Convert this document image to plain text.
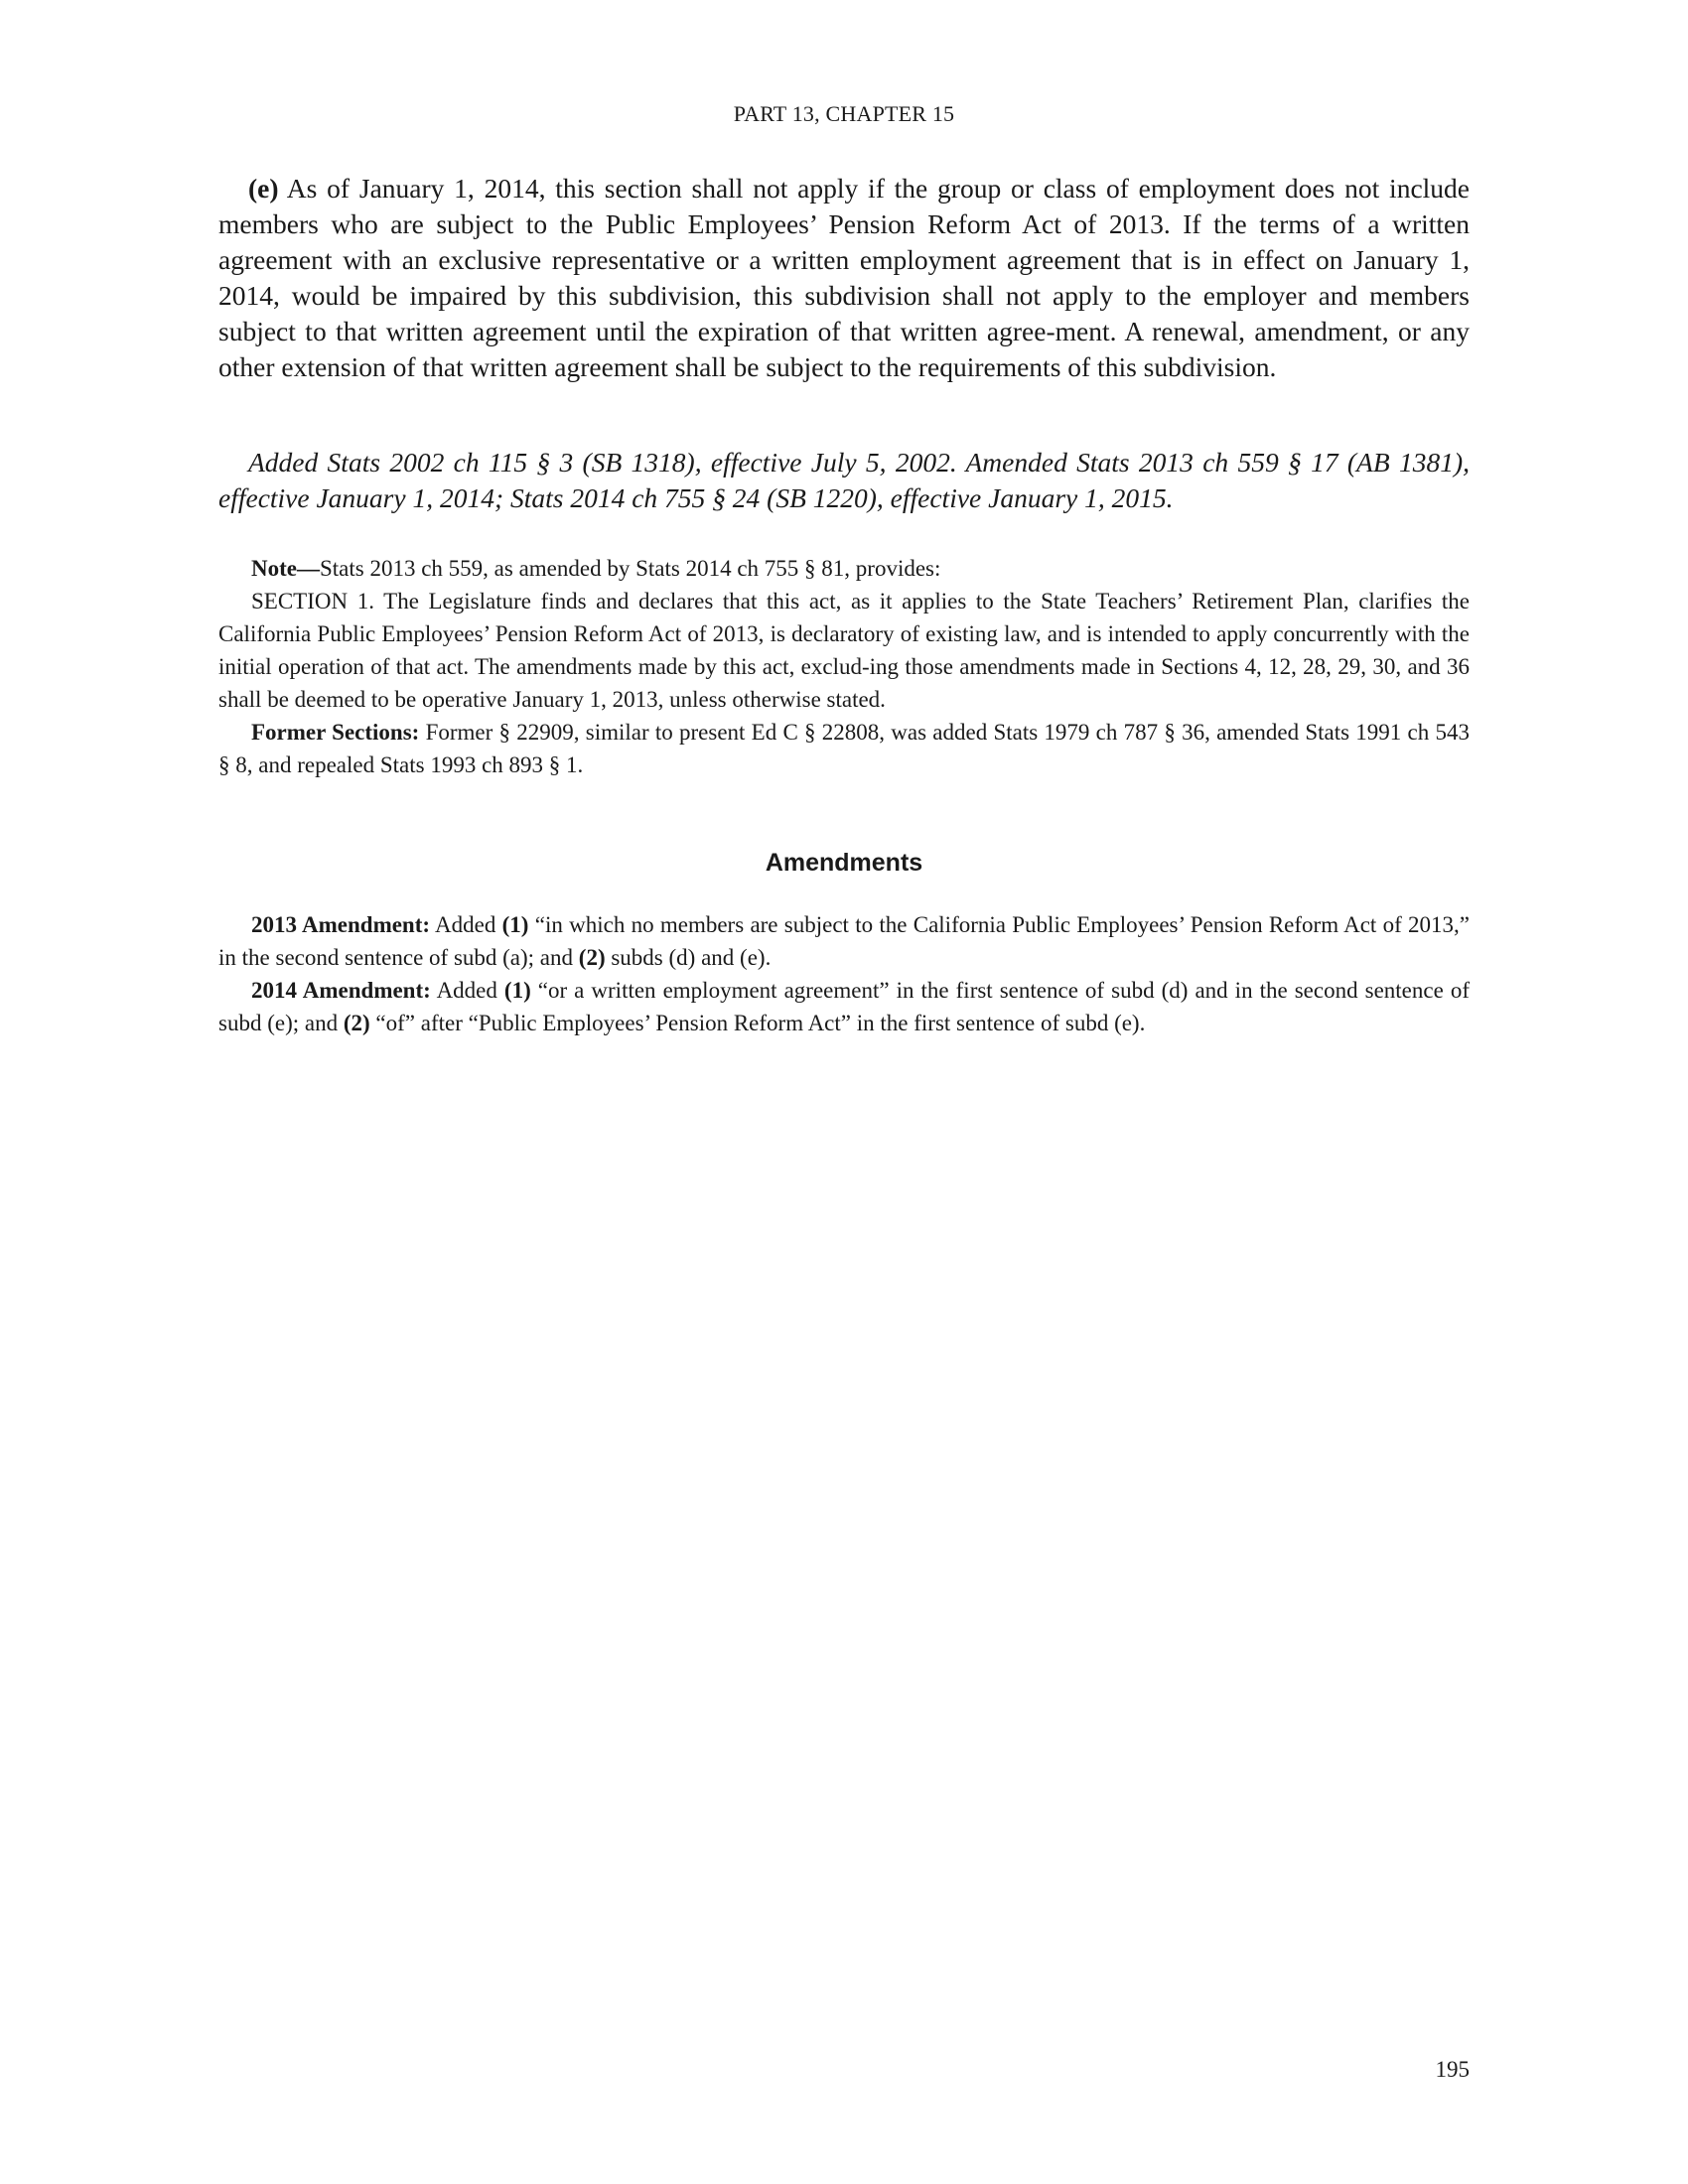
PART 13, CHAPTER 15

(e) As of January 1, 2014, this section shall not apply if the group or class of employment does not include members who are subject to the Public Employees’ Pension Reform Act of 2013. If the terms of a written agreement with an exclusive representative or a written employment agreement that is in effect on January 1, 2014, would be impaired by this subdivision, this subdivision shall not apply to the employer and members subject to that written agreement until the expiration of that written agree-ment. A renewal, amendment, or any other extension of that written agreement shall be subject to the requirements of this subdivision.

Added Stats 2002 ch 115 § 3 (SB 1318), effective July 5, 2002. Amended Stats 2013 ch 559 § 17 (AB 1381), effective January 1, 2014; Stats 2014 ch 755 § 24 (SB 1220), effective January 1, 2015.

Note—Stats 2013 ch 559, as amended by Stats 2014 ch 755 § 81, provides:

SECTION 1. The Legislature finds and declares that this act, as it applies to the State Teachers’ Retirement Plan, clarifies the California Public Employees’ Pension Reform Act of 2013, is declaratory of existing law, and is intended to apply concurrently with the initial operation of that act. The amendments made by this act, exclud-ing those amendments made in Sections 4, 12, 28, 29, 30, and 36 shall be deemed to be operative January 1, 2013, unless otherwise stated.

Former Sections: Former § 22909, similar to present Ed C § 22808, was added Stats 1979 ch 787 § 36, amended Stats 1991 ch 543 § 8, and repealed Stats 1993 ch 893 § 1.

Amendments

2013 Amendment: Added (1) “in which no members are subject to the California Public Employees’ Pension Reform Act of 2013,” in the second sentence of subd (a); and (2) subds (d) and (e).

2014 Amendment: Added (1) “or a written employment agreement” in the first sentence of subd (d) and in the second sentence of subd (e); and (2) “of” after “Public Employees’ Pension Reform Act” in the first sentence of subd (e).

195
